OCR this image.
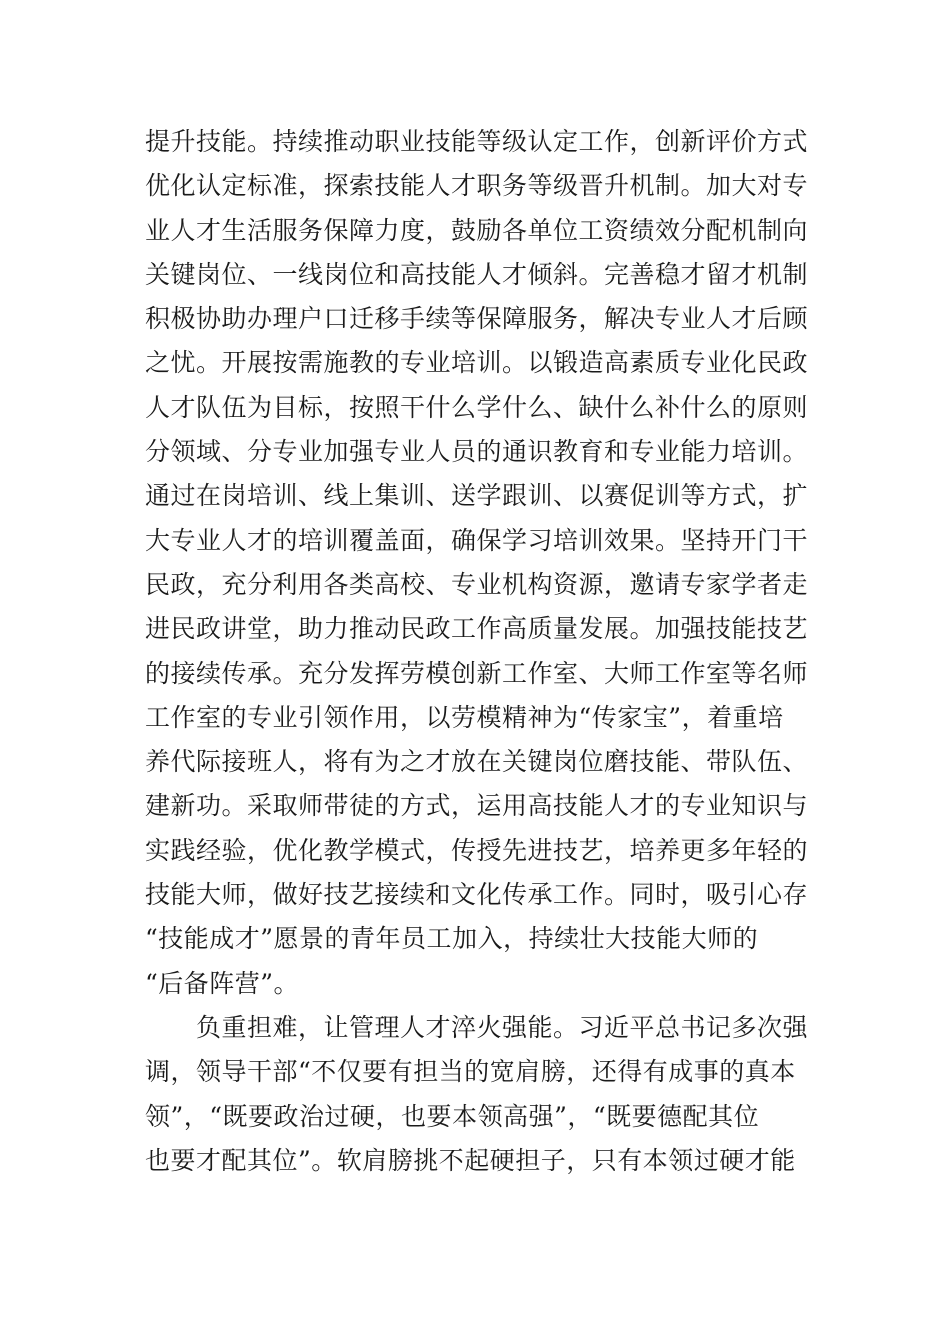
提升技能。持续推动职业技能等级认定工作，创新评价方式
优化认定标准，探索技能人才职务等级晋升机制。加大对专
业人才生活服务保障力度，鼓励各单位工资绩效分配机制向
关键岗位、一线岗位和高技能人才倾斜。完善稳才留才机制
积极协助办理户口迁移手续等保障服务，解决专业人才后顾
之忧。开展按需施教的专业培训。以锻造高素质专业化民政
人才队伍为目标，按照干什么学什么、缺什么补什么的原则
分领域、分专业加强专业人员的通识教育和专业能力培训。
通过在岗培训、线上集训、送学跟训、以赛促训等方式，扩
大专业人才的培训覆盖面，确保学习培训效果。坚持开门干
民政，充分利用各类高校、专业机构资源，邀请专家学者走
进民政讲堂，助力推动民政工作高质量发展。加强技能技艺
的接续传承。充分发挥劳模创新工作室、大师工作室等名师
工作室的专业引领作用，以劳模精神为“传家宝”，着重培
养代际接班人，将有为之才放在关键岗位磨技能、带队伍、
建新功。采取师带徒的方式，运用高技能人才的专业知识与
实践经验，优化教学模式，传授先进技艺，培养更多年轻的
技能大师，做好技艺接续和文化传承工作。同时，吸引心存
“技能成才”愿景的青年员工加入，持续壮大技能大师的
“后备阵营”。
　　负重担难，让管理人才淬火强能。习近平总书记多次强
调，领导干部“不仅要有担当的宽肩膀，还得有成事的真本
领”，“既要政治过硬，也要本领高强”，“既要德配其位
也要才配其位”。软肩膀挑不起硬担子，只有本领过硬才能
